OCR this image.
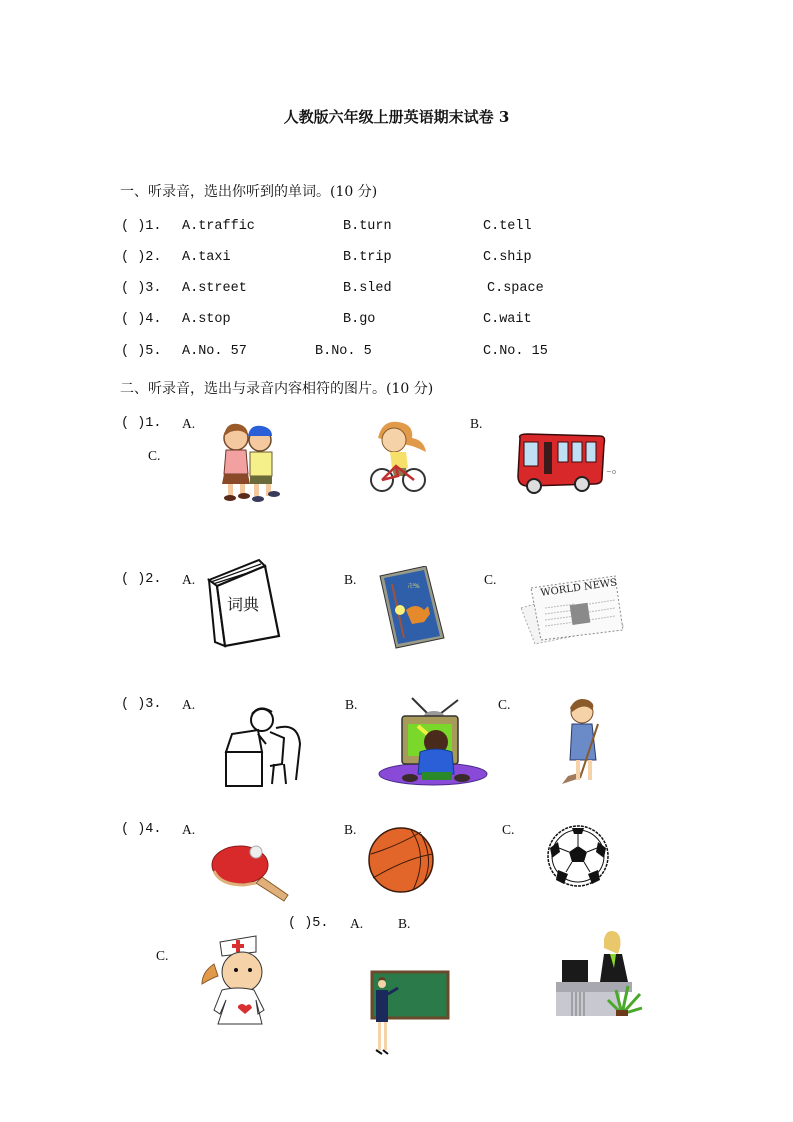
人教版六年级上册英语期末试卷 3
一、听录音，选出你听到的单词。(10 分)
( )1. A.traffic	B.turn	C.tell
( )2. A.taxi	B.trip	C.ship
( )3. A.street	B.sled	C.space
( )4. A.stop	B.go	C.wait
( )5. A.No. 57	B.No. 5	C.No. 15
二、听录音，选出与录音内容相符的图片。(10 分)
( )1. A.	B.
C.
~o
( )2. A.	B.	C.
词典
卍%	WORLD NEWS
( )3. A.	B.	C.
( )4. A.	B.	C.
( )5. A.	B.
C.
